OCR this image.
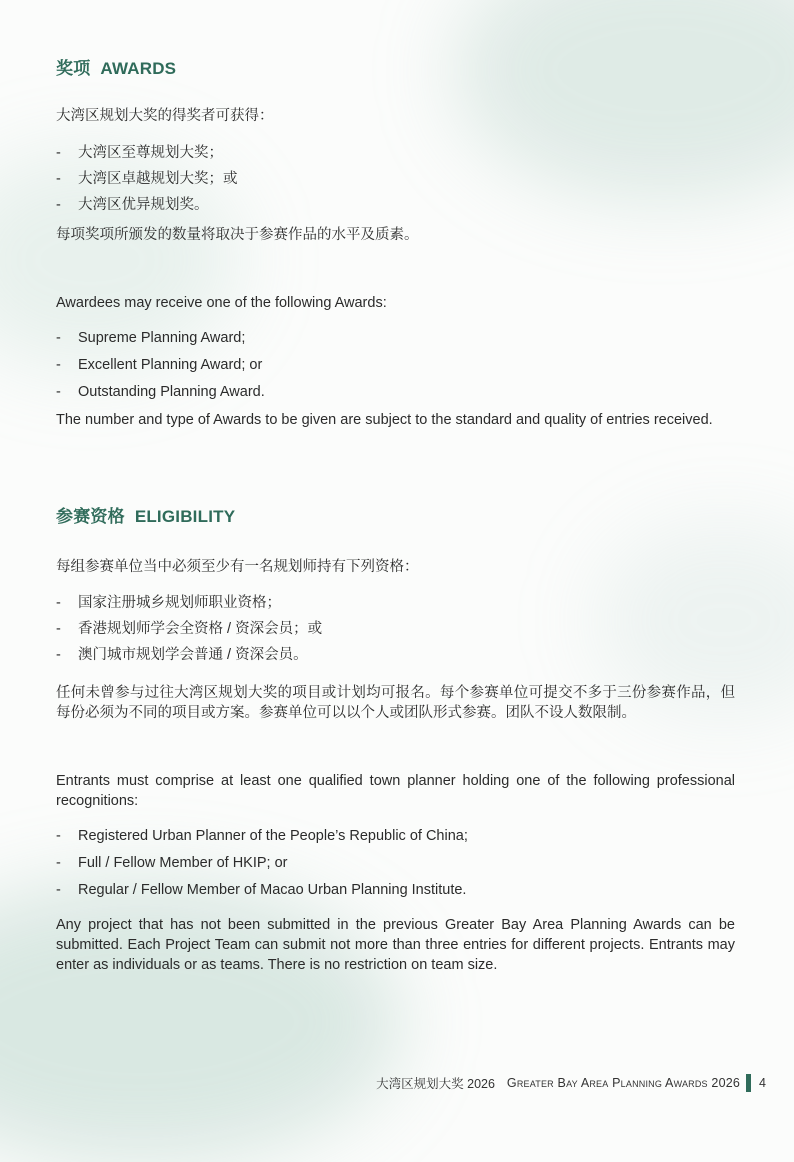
奖项 AWARDS

大湾区规划大奖的得奖者可获得：

- 大湾区至尊规划大奖；
- 大湾区卓越规划大奖；或
- 大湾区优异规划奖。

每项奖项所颁发的数量将取决于参赛作品的水平及质素。

Awardees may receive one of the following Awards:

- Supreme Planning Award;
- Excellent Planning Award; or
- Outstanding Planning Award.

The number and type of Awards to be given are subject to the standard and quality of entries received.

参赛资格 ELIGIBILITY

每组参赛单位当中必须至少有一名规划师持有下列资格：

- 国家注册城乡规划师职业资格；
- 香港规划师学会全资格 / 资深会员；或
- 澳门城市规划学会普通 / 资深会员。

任何未曾参与过往大湾区规划大奖的项目或计划均可报名。每个参赛单位可提交不多于三份参赛作品，但每份必须为不同的项目或方案。参赛单位可以以个人或团队形式参赛。团队不设人数限制。

Entrants must comprise at least one qualified town planner holding one of the following professional recognitions:

- Registered Urban Planner of the People’s Republic of China;
- Full / Fellow Member of HKIP; or
- Regular / Fellow Member of Macao Urban Planning Institute.

Any project that has not been submitted in the previous Greater Bay Area Planning Awards can be submitted. Each Project Team can submit not more than three entries for different projects. Entrants may enter as individuals or as teams. There is no restriction on team size.

大湾区规划大奖 2026 Greater Bay Area Planning Awards 2026 4
